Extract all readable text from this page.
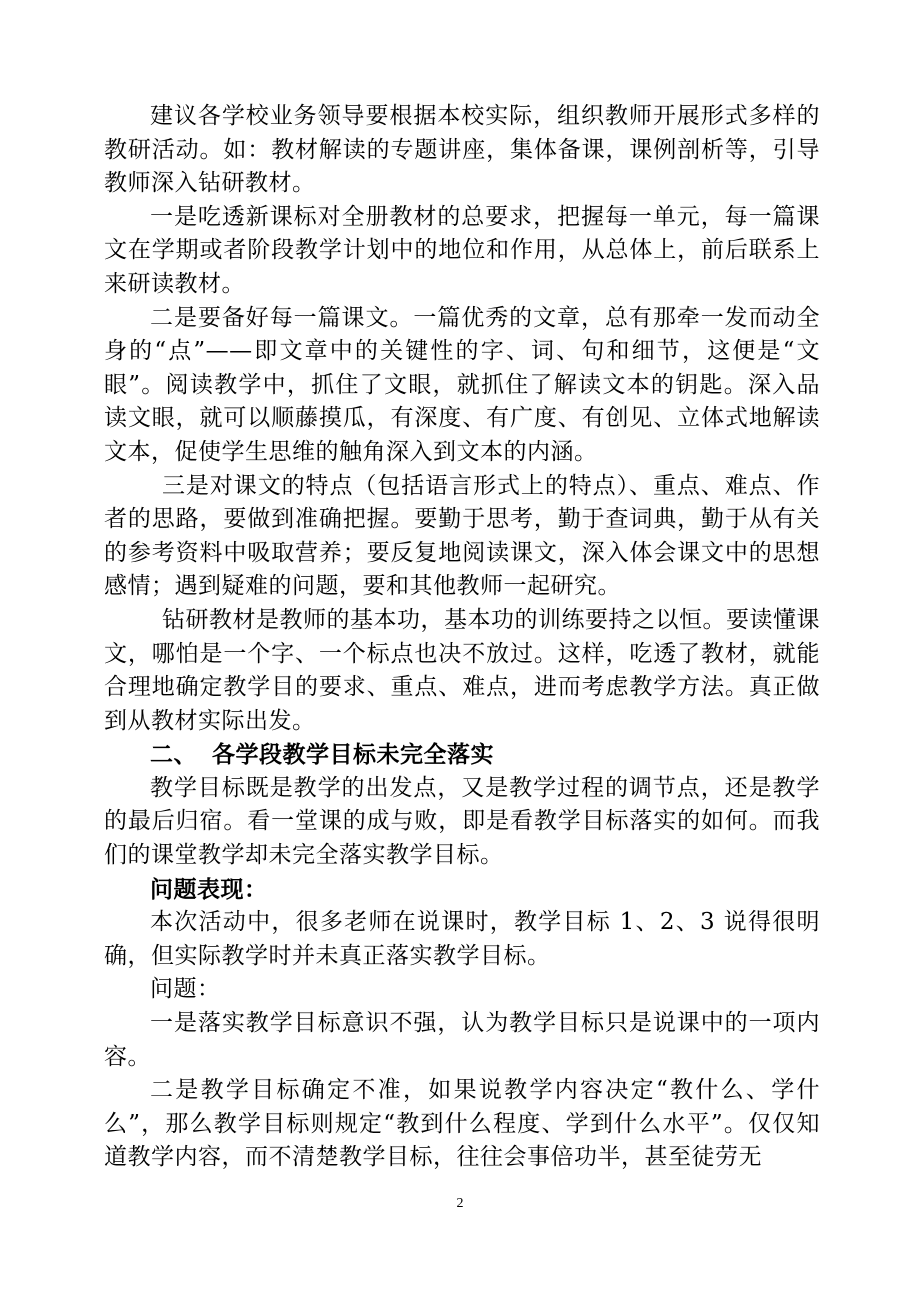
建议各学校业务领导要根据本校实际，组织教师开展形式多样的教研活动。如：教材解读的专题讲座，集体备课，课例剖析等，引导教师深入钻研教材。

一是吃透新课标对全册教材的总要求，把握每一单元，每一篇课文在学期或者阶段教学计划中的地位和作用，从总体上，前后联系上来研读教材。

二是要备好每一篇课文。一篇优秀的文章，总有那牵一发而动全身的“点”——即文章中的关键性的字、词、句和细节，这便是“文眼”。阅读教学中，抓住了文眼，就抓住了解读文本的钥匙。深入品读文眼，就可以顺藤摸瓜，有深度、有广度、有创见、立体式地解读文本，促使学生思维的触角深入到文本的内涵。

三是对课文的特点（包括语言形式上的特点）、重点、难点、作者的思路，要做到准确把握。要勤于思考，勤于查词典，勤于从有关的参考资料中吸取营养；要反复地阅读课文，深入体会课文中的思想感情；遇到疑难的问题，要和其他教师一起研究。

钻研教材是教师的基本功，基本功的训练要持之以恒。要读懂课文，哪怕是一个字、一个标点也决不放过。这样，吃透了教材，就能合理地确定教学目的要求、重点、难点，进而考虑教学方法。真正做到从教材实际出发。

二、 各学段教学目标未完全落实

教学目标既是教学的出发点，又是教学过程的调节点，还是教学的最后归宿。看一堂课的成与败，即是看教学目标落实的如何。而我们的课堂教学却未完全落实教学目标。

问题表现：

本次活动中，很多老师在说课时，教学目标 1、2、3 说得很明确，但实际教学时并未真正落实教学目标。

问题：

一是落实教学目标意识不强，认为教学目标只是说课中的一项内容。

二是教学目标确定不准，如果说教学内容决定“教什么、学什么”，那么教学目标则规定“教到什么程度、学到什么水平”。仅仅知道教学内容，而不清楚教学目标，往往会事倍功半，甚至徒劳无

2
